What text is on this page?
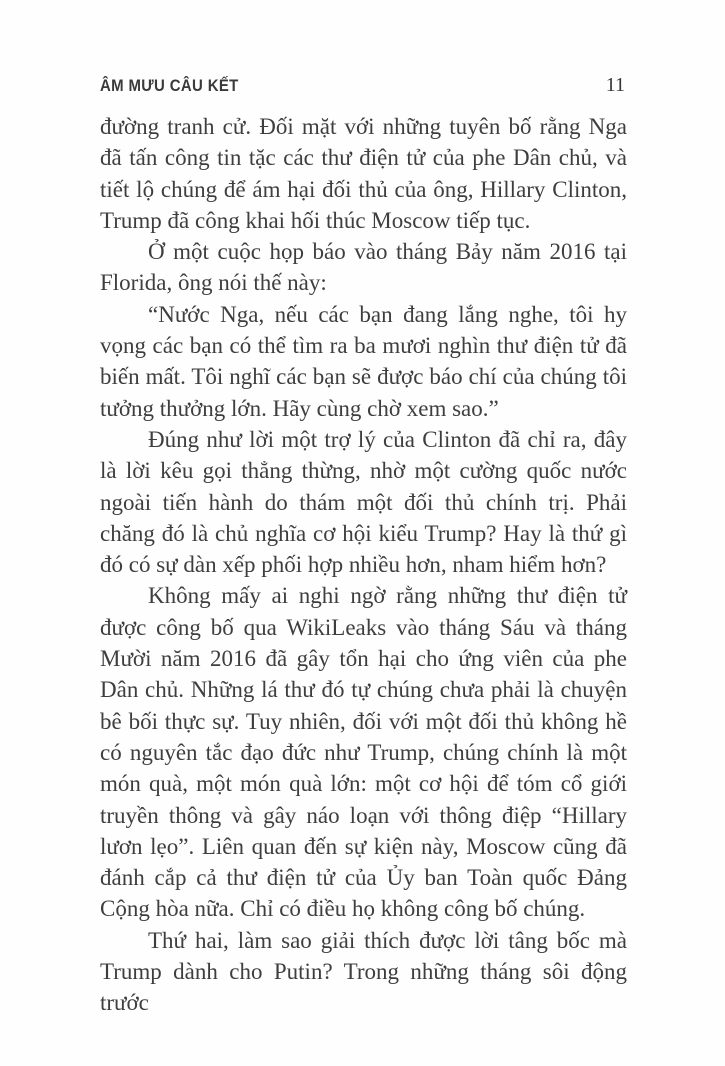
ÂM MƯU CÂU KẾT	11

đường tranh cử. Đối mặt với những tuyên bố rằng Nga đã tấn công tin tặc các thư điện tử của phe Dân chủ, và tiết lộ chúng để ám hại đối thủ của ông, Hillary Clinton, Trump đã công khai hối thúc Moscow tiếp tục.

Ở một cuộc họp báo vào tháng Bảy năm 2016 tại Florida, ông nói thế này:

“Nước Nga, nếu các bạn đang lắng nghe, tôi hy vọng các bạn có thể tìm ra ba mươi nghìn thư điện tử đã biến mất. Tôi nghĩ các bạn sẽ được báo chí của chúng tôi tưởng thưởng lớn. Hãy cùng chờ xem sao.”

Đúng như lời một trợ lý của Clinton đã chỉ ra, đây là lời kêu gọi thẳng thừng, nhờ một cường quốc nước ngoài tiến hành do thám một đối thủ chính trị. Phải chăng đó là chủ nghĩa cơ hội kiểu Trump? Hay là thứ gì đó có sự dàn xếp phối hợp nhiều hơn, nham hiểm hơn?

Không mấy ai nghi ngờ rằng những thư điện tử được công bố qua WikiLeaks vào tháng Sáu và tháng Mười năm 2016 đã gây tổn hại cho ứng viên của phe Dân chủ. Những lá thư đó tự chúng chưa phải là chuyện bê bối thực sự. Tuy nhiên, đối với một đối thủ không hề có nguyên tắc đạo đức như Trump, chúng chính là một món quà, một món quà lớn: một cơ hội để tóm cổ giới truyền thông và gây náo loạn với thông điệp “Hillary lươn lẹo”. Liên quan đến sự kiện này, Moscow cũng đã đánh cắp cả thư điện tử của Ủy ban Toàn quốc Đảng Cộng hòa nữa. Chỉ có điều họ không công bố chúng.

Thứ hai, làm sao giải thích được lời tâng bốc mà Trump dành cho Putin? Trong những tháng sôi động trước
